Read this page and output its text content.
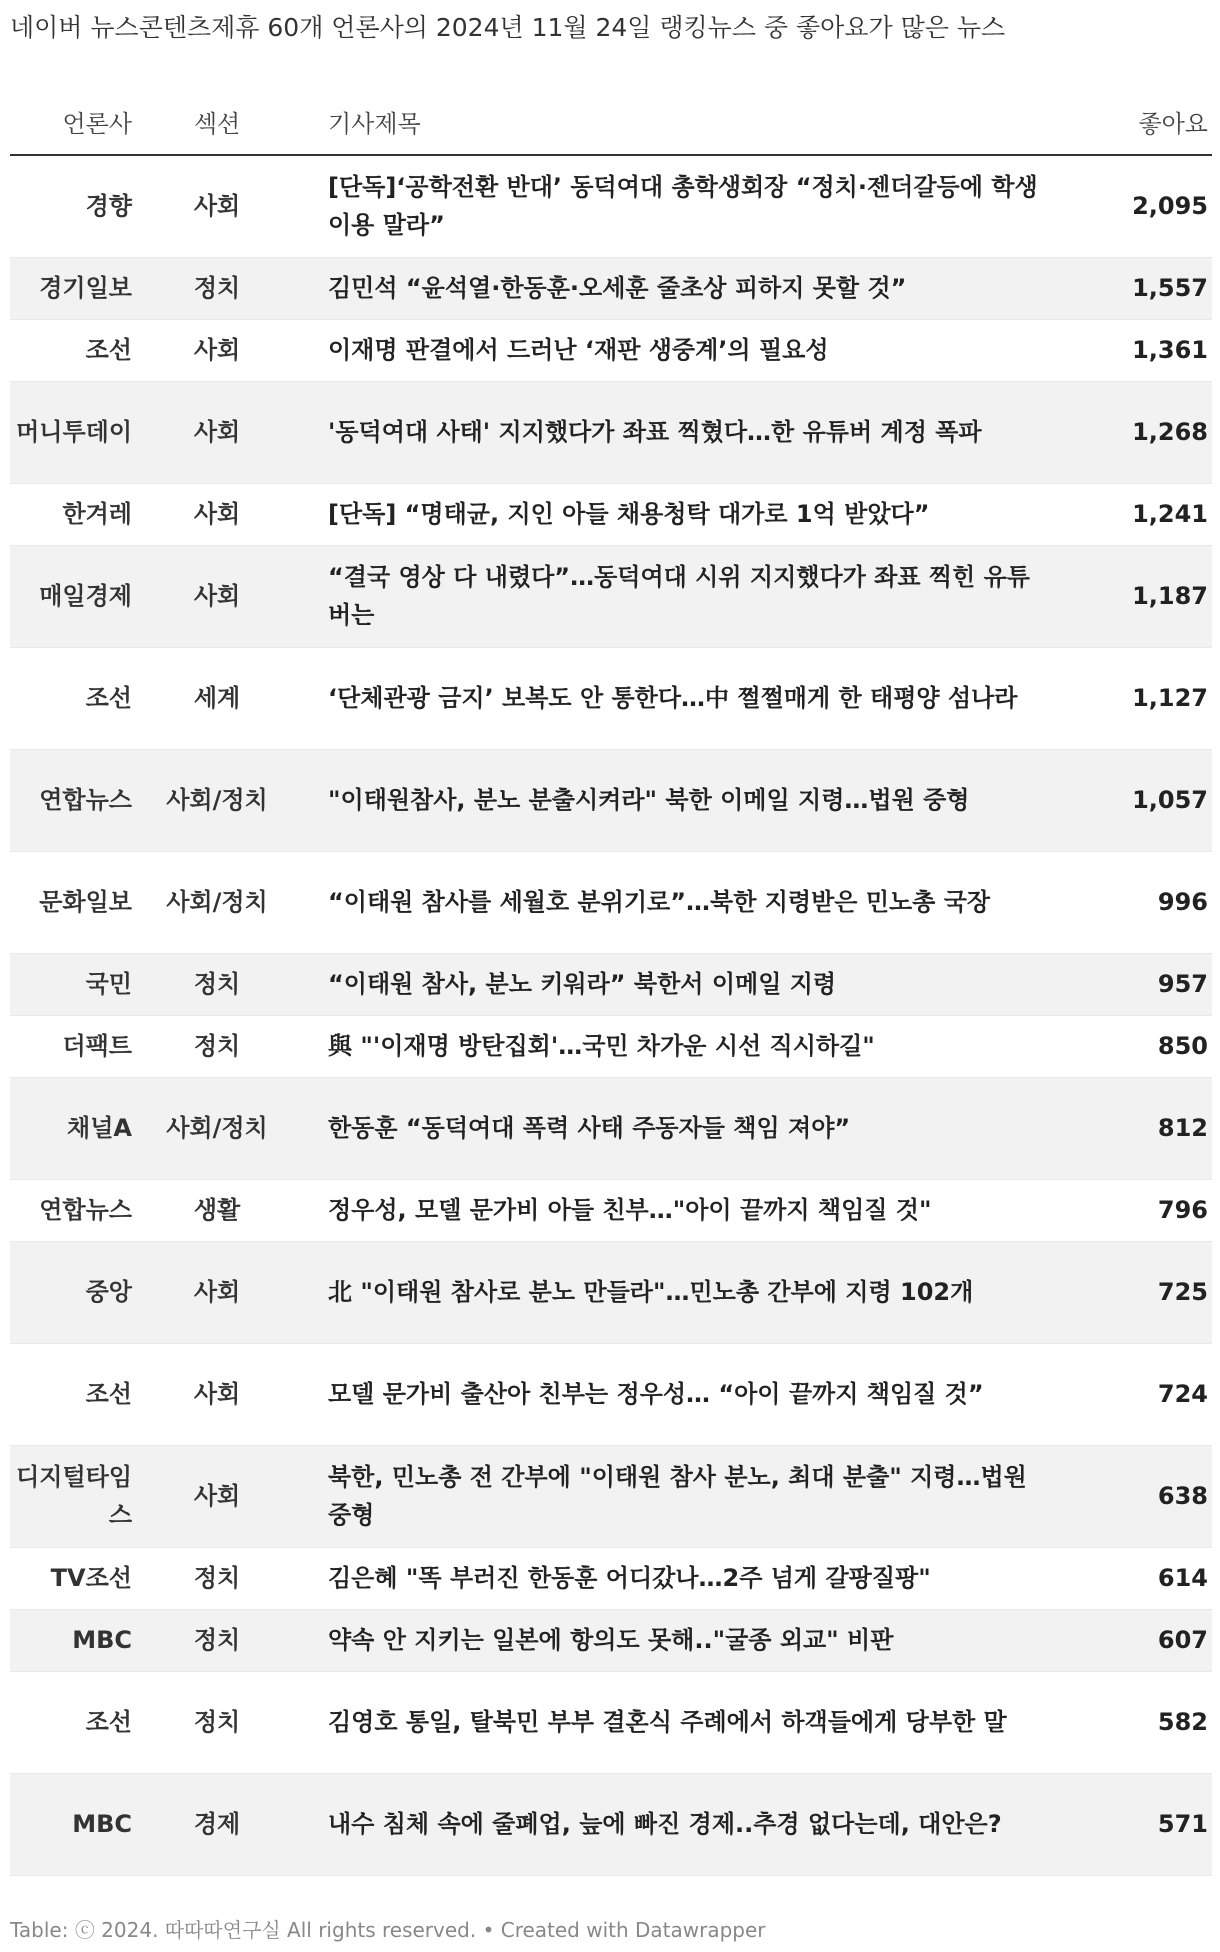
네이버 뉴스콘텐츠제휴 60개 언론사의 2024년 11월 24일 랭킹뉴스 중 좋아요가 많은 뉴스
언론사	섹션	기사제목	좋아요
경향	사회	[단독]‘공학전환 반대’ 동덕여대 총학생회장 “정치·젠더갈등에 학생 이용 말라”	2,095
경기일보	정치	김민석 “윤석열·한동훈·오세훈 줄초상 피하지 못할 것”	1,557
조선	사회	이재명 판결에서 드러난 ‘재판 생중계’의 필요성	1,361
머니투데이	사회	'동덕여대 사태' 지지했다가 좌표 찍혔다…한 유튜버 계정 폭파	1,268
한겨레	사회	[단독] “명태균, 지인 아들 채용청탁 대가로 1억 받았다”	1,241
매일경제	사회	“결국 영상 다 내렸다”…동덕여대 시위 지지했다가 좌표 찍힌 유튜버는	1,187
조선	세계	‘단체관광 금지’ 보복도 안 통한다…中 쩔쩔매게 한 태평양 섬나라	1,127
연합뉴스	사회/정치	"이태원참사, 분노 분출시켜라" 북한 이메일 지령…법원 중형	1,057
문화일보	사회/정치	“이태원 참사를 세월호 분위기로”…북한 지령받은 민노총 국장	996
국민	정치	“이태원 참사, 분노 키워라” 북한서 이메일 지령	957
더팩트	정치	與 "'이재명 방탄집회'…국민 차가운 시선 직시하길"	850
채널A	사회/정치	한동훈 “동덕여대 폭력 사태 주동자들 책임 져야”	812
연합뉴스	생활	정우성, 모델 문가비 아들 친부…"아이 끝까지 책임질 것"	796
중앙	사회	北 "이태원 참사로 분노 만들라"…민노총 간부에 지령 102개	725
조선	사회	모델 문가비 출산아 친부는 정우성… “아이 끝까지 책임질 것”	724
디지털타임스	사회	북한, 민노총 전 간부에 "이태원 참사 분노, 최대 분출" 지령…법원 중형	638
TV조선	정치	김은혜 "똑 부러진 한동훈 어디갔나…2주 넘게 갈팡질팡"	614
MBC	정치	약속 안 지키는 일본에 항의도 못해.."굴종 외교" 비판	607
조선	정치	김영호 통일, 탈북민 부부 결혼식 주례에서 하객들에게 당부한 말	582
MBC	경제	내수 침체 속에 줄폐업, 늪에 빠진 경제..추경 없다는데, 대안은?	571
Table: ⓒ 2024. 따따따연구실 All rights reserved. • Created with Datawrapper
